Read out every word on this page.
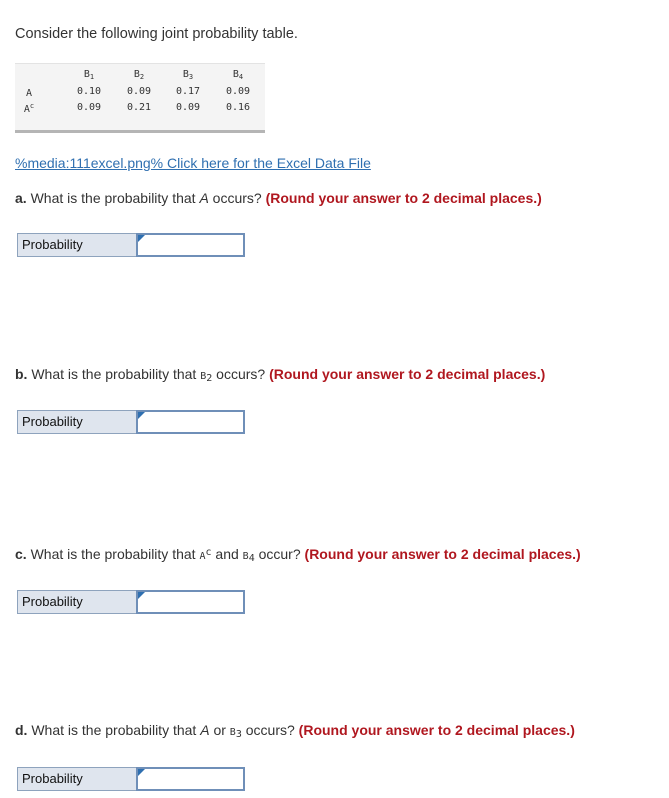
Consider the following joint probability table.
$B_1$	$B_2$	$B_3$	$B_4$
A	0.10	0.09	0.17	0.09
$A^c$	0.09	0.21	0.09	0.16
%media:111excel.png% Click here for the Excel Data File
a. What is the probability that A occurs? (Round your answer to 2 decimal places.)
Probability
b. What is the probability that $B_2$ occurs? (Round your answer to 2 decimal places.)
Probability
c. What is the probability that $A^c$ and $B_4$ occur? (Round your answer to 2 decimal places.)
Probability
d. What is the probability that A or $B_3$ occurs? (Round your answer to 2 decimal places.)
Probability
